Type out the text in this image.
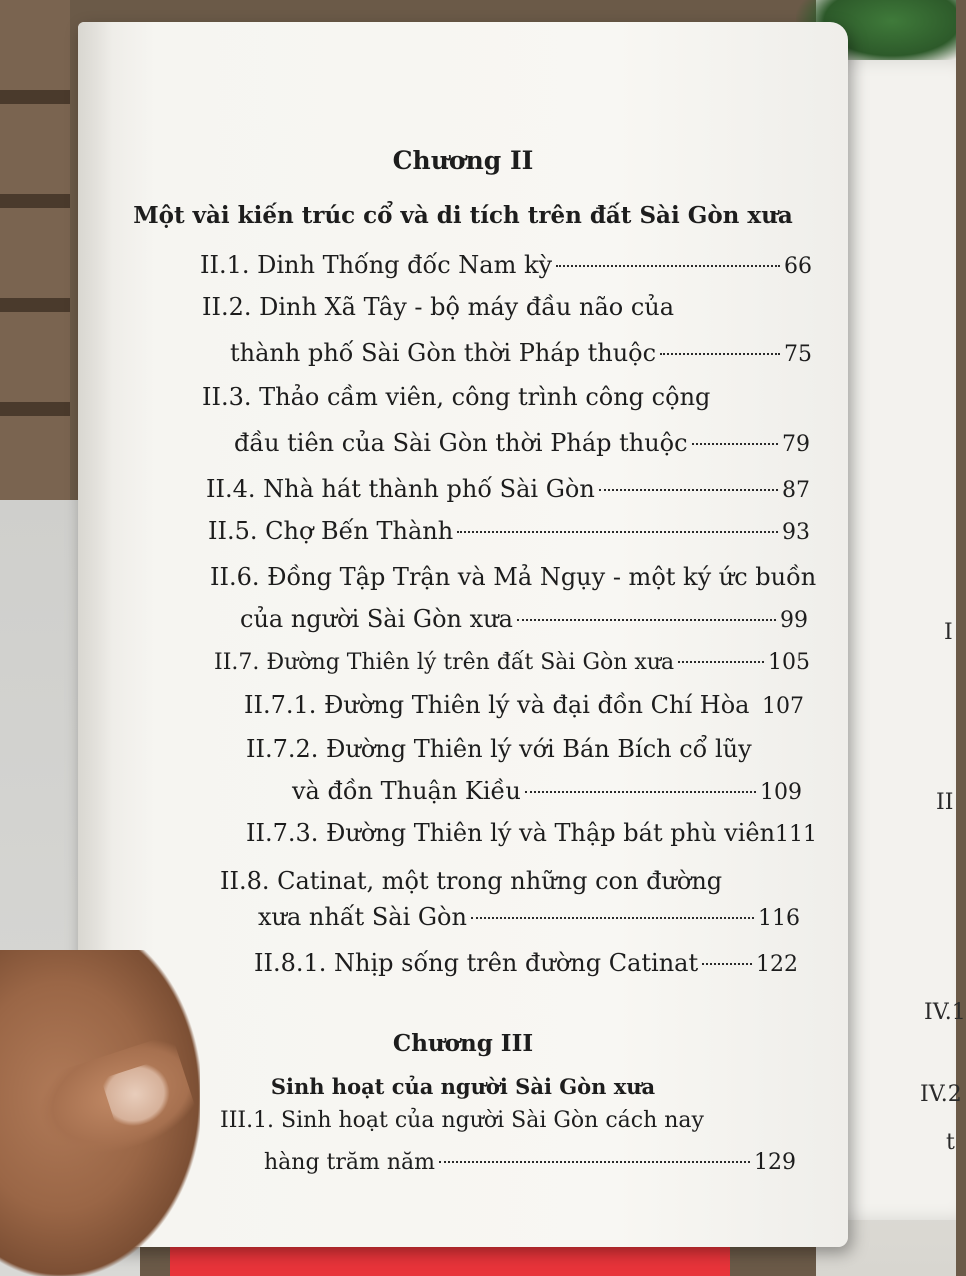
I
II
IV.1
IV.2
t
Chương II
Một vài kiến trúc cổ và di tích trên đất Sài Gòn xưa
II.1. Dinh Thống đốc Nam kỳ	66
II.2. Dinh Xã Tây - bộ máy đầu não của
thành phố Sài Gòn thời Pháp thuộc	75
II.3. Thảo cầm viên, công trình công cộng
đầu tiên của Sài Gòn thời Pháp thuộc	79
II.4. Nhà hát thành phố Sài Gòn	87
II.5. Chợ Bến Thành	93
II.6. Đồng Tập Trận và Mả Ngụy - một ký ức buồn
của người Sài Gòn xưa	99
II.7. Đường Thiên lý trên đất Sài Gòn xưa	105
II.7.1. Đường Thiên lý và đại đồn Chí Hòa 107
II.7.2. Đường Thiên lý với Bán Bích cổ lũy
và đồn Thuận Kiều	109
II.7.3. Đường Thiên lý và Thập bát phù viên 111
II.8. Catinat, một trong những con đường
xưa nhất Sài Gòn	116
II.8.1. Nhịp sống trên đường Catinat	122
Chương III
Sinh hoạt của người Sài Gòn xưa
III.1. Sinh hoạt của người Sài Gòn cách nay
hàng trăm năm	129
